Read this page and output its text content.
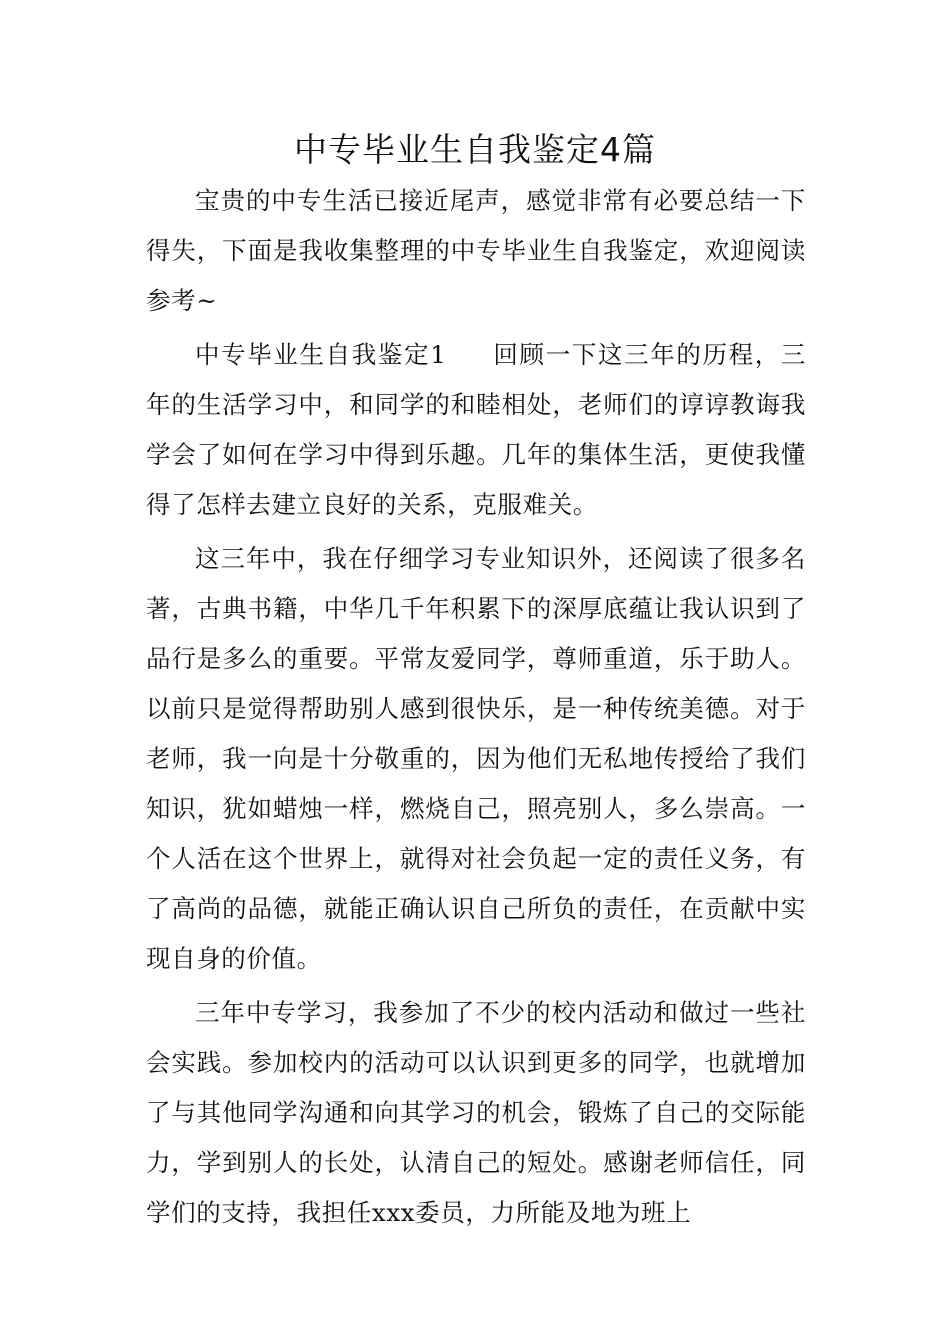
中专毕业生自我鉴定4篇

宝贵的中专生活已接近尾声，感觉非常有必要总结一下得失，下面是我收集整理的中专毕业生自我鉴定，欢迎阅读参考~

中专毕业生自我鉴定1 回顾一下这三年的历程，三年的生活学习中，和同学的和睦相处，老师们的谆谆教诲我学会了如何在学习中得到乐趣。几年的集体生活，更使我懂得了怎样去建立良好的关系，克服难关。

这三年中，我在仔细学习专业知识外，还阅读了很多名著，古典书籍，中华几千年积累下的深厚底蕴让我认识到了品行是多么的重要。平常友爱同学，尊师重道，乐于助人。以前只是觉得帮助别人感到很快乐，是一种传统美德。对于老师，我一向是十分敬重的，因为他们无私地传授给了我们知识，犹如蜡烛一样，燃烧自己，照亮别人，多么崇高。一个人活在这个世界上，就得对社会负起一定的责任义务，有了高尚的品德，就能正确认识自己所负的责任，在贡献中实现自身的价值。

三年中专学习，我参加了不少的校内活动和做过一些社会实践。参加校内的活动可以认识到更多的同学，也就增加了与其他同学沟通和向其学习的机会，锻炼了自己的交际能力，学到别人的长处，认清自己的短处。感谢老师信任，同学们的支持，我担任xxx委员，力所能及地为班上
